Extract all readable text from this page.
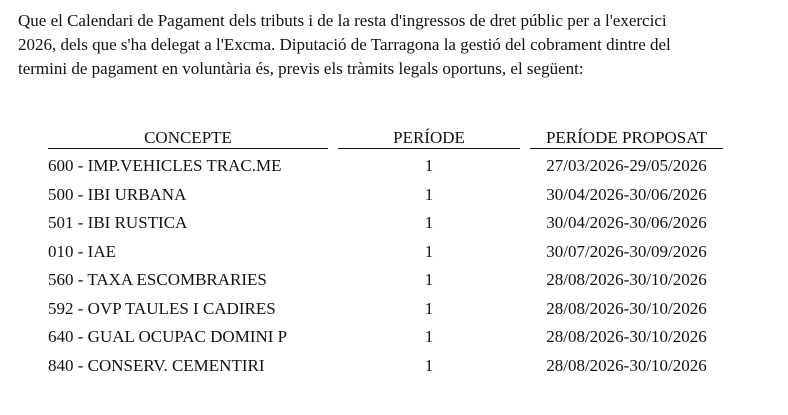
Que el Calendari de Pagament dels tributs i de la resta d'ingressos de dret públic per a l'exercici
2026, dels que s'ha delegat a l'Excma. Diputació de Tarragona la gestió del cobrament dintre del
termini de pagament en voluntària és, previs els tràmits legals oportuns, el següent:

CONCEPTE	PERÍODE	PERÍODE PROPOSAT
600 - IMP.VEHICLES TRAC.ME	1	27/03/2026-29/05/2026
500 - IBI URBANA	1	30/04/2026-30/06/2026
501 - IBI RUSTICA	1	30/04/2026-30/06/2026
010 - IAE	1	30/07/2026-30/09/2026
560 - TAXA ESCOMBRARIES	1	28/08/2026-30/10/2026
592 - OVP TAULES I CADIRES	1	28/08/2026-30/10/2026
640 - GUAL OCUPAC DOMINI P	1	28/08/2026-30/10/2026
840 - CONSERV. CEMENTIRI	1	28/08/2026-30/10/2026
